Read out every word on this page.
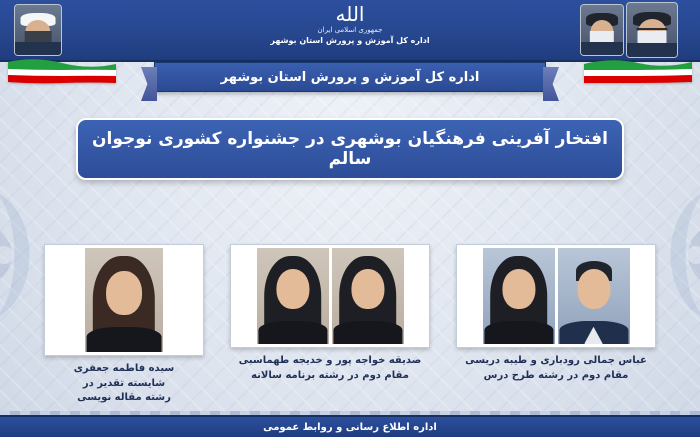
الله
جمهوری اسلامی ایران
اداره کل آموزش و پرورش استان بوشهر
اداره کل آموزش و پرورش استان بوشهر
افتخار آفرینی فرهنگیان بوشهری در جشنواره کشوری نوجوان سالم
سیده فاطمه جعفری
شایسته تقدیر در
رشته مقاله نویسی
صدیقه خواجه پور و خدیجه طهماسبی
مقام دوم در رشته برنامه سالانه
عباس جمالی رودباری و طیبه دریسی
مقام دوم در رشته طرح درس
اداره اطلاع رسانی و روابط عمومی
